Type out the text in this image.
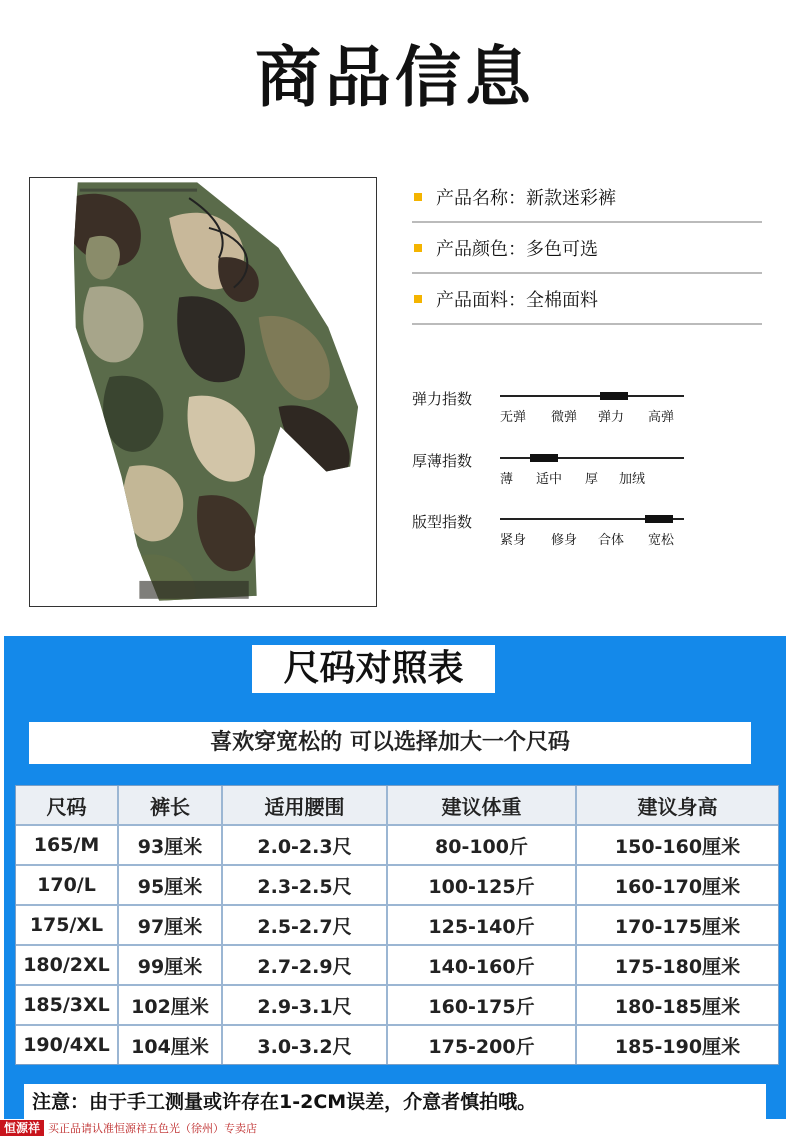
商品信息
产品名称：新款迷彩裤
产品颜色：多色可选
产品面料：全棉面料
弹力指数
无弹 微弹 弹力 高弹
厚薄指数
薄 适中 厚 加绒
版型指数
紧身 修身 合体 宽松
尺码对照表
喜欢穿宽松的 可以选择加大一个尺码
尺码	裤长	适用腰围	建议体重	建议身高
165/M	93厘米	2.0-2.3尺	80-100斤	150-160厘米
170/L	95厘米	2.3-2.5尺	100-125斤	160-170厘米
175/XL	97厘米	2.5-2.7尺	125-140斤	170-175厘米
180/2XL	99厘米	2.7-2.9尺	140-160斤	175-180厘米
185/3XL	102厘米	2.9-3.1尺	160-175斤	180-185厘米
190/4XL	104厘米	3.0-3.2尺	175-200斤	185-190厘米
注意：由于手工测量或许存在1-2CM误差，介意者慎拍哦。
恒源祥 买正品请认准恒源祥五色光（徐州）专卖店
